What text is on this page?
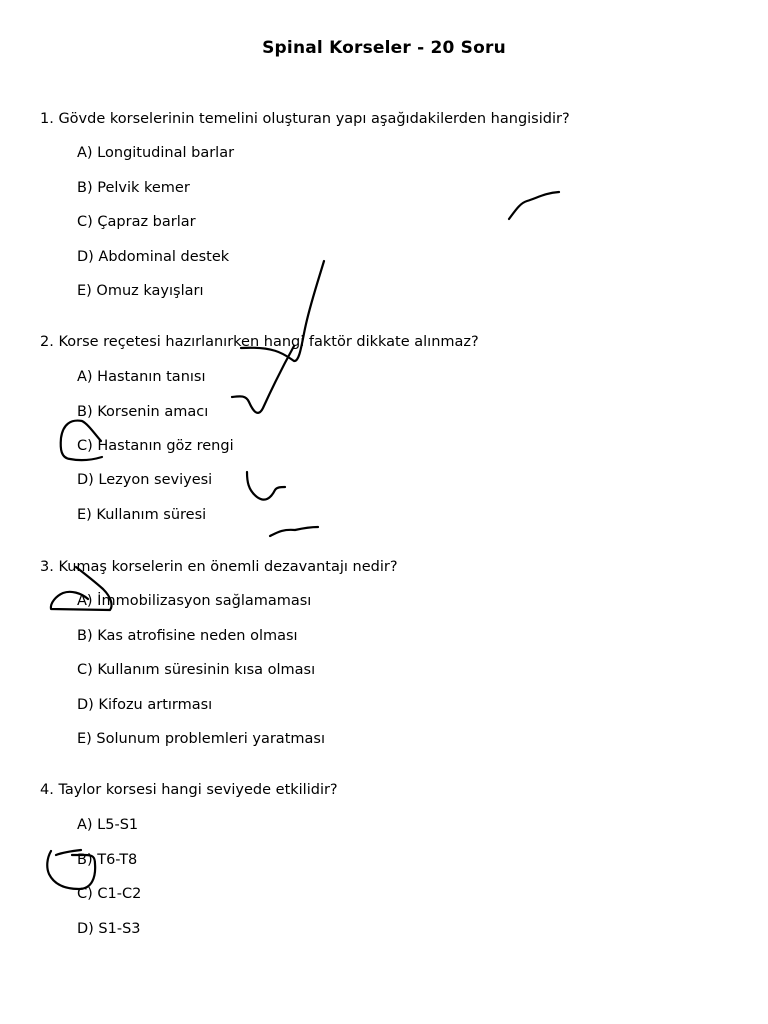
Spinal Korseler - 20 Soru
1. Gövde korselerinin temelini oluşturan yapı aşağıdakilerden hangisidir?
A) Longitudinal barlar
B) Pelvik kemer
C) Çapraz barlar
D) Abdominal destek
E) Omuz kayışları
2. Korse reçetesi hazırlanırken hangi faktör dikkate alınmaz?
A) Hastanın tanısı
B) Korsenin amacı
C) Hastanın göz rengi
D) Lezyon seviyesi
E) Kullanım süresi
3. Kumaş korselerin en önemli dezavantajı nedir?
A) İmmobilizasyon sağlamaması
B) Kas atrofisine neden olması
C) Kullanım süresinin kısa olması
D) Kifozu artırması
E) Solunum problemleri yaratması
4. Taylor korsesi hangi seviyede etkilidir?
A) L5-S1
B) T6-T8
C) C1-C2
D) S1-S3
